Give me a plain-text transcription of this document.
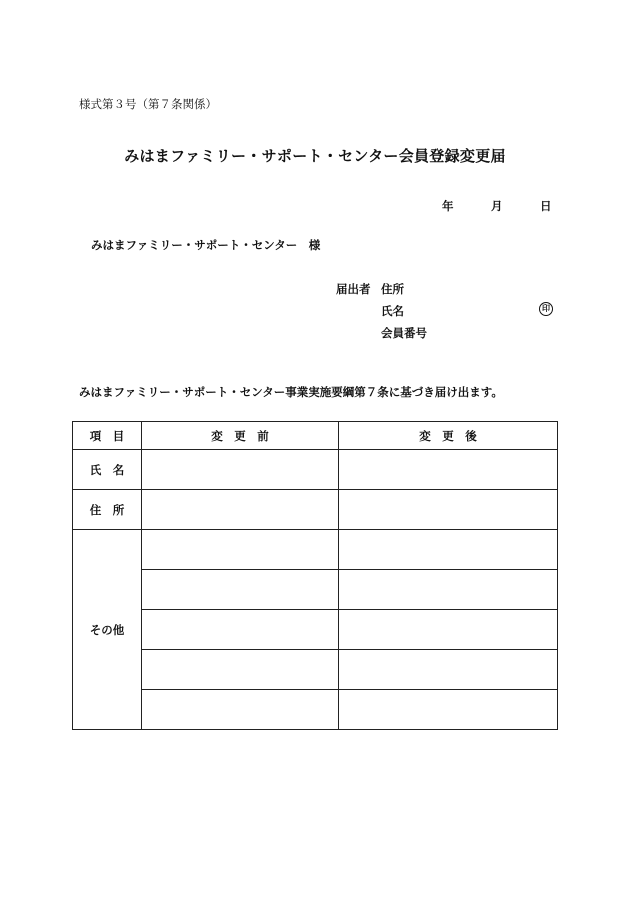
様式第３号（第７条関係）
みはまファミリー・サポート・センター会員登録変更届
年	月	日
みはまファミリー・サポート・センター　様
届出者 住所
氏名	印
会員番号
みはまファミリー・サポート・センター事業実施要綱第７条に基づき届け出ます。
項　目	変　更　前	変　更　後
氏　名		
住　所		
その他		
